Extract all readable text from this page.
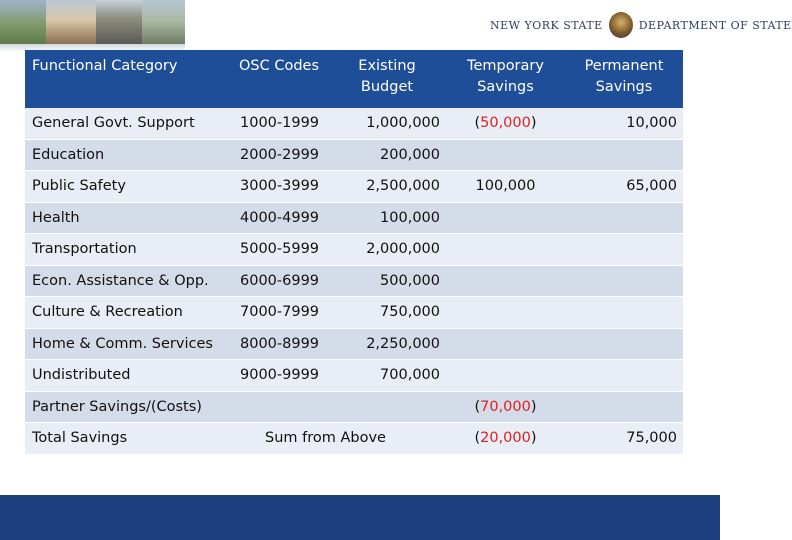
NEW YORK STATE	DEPARTMENT OF STATE
Functional Category	OSC Codes	Existing Budget	Temporary Savings	Permanent Savings
General Govt. Support	1000-1999	1,000,000	(50,000)	10,000
Education	2000-2999	200,000		
Public Safety	3000-3999	2,500,000	100,000	65,000
Health	4000-4999	100,000		
Transportation	5000-5999	2,000,000		
Econ. Assistance & Opp.	6000-6999	500,000		
Culture & Recreation	7000-7999	750,000		
Home & Comm. Services	8000-8999	2,250,000		
Undistributed	9000-9999	700,000		
Partner Savings/(Costs)			(70,000)	
Total Savings	Sum from Above		(20,000)	75,000
